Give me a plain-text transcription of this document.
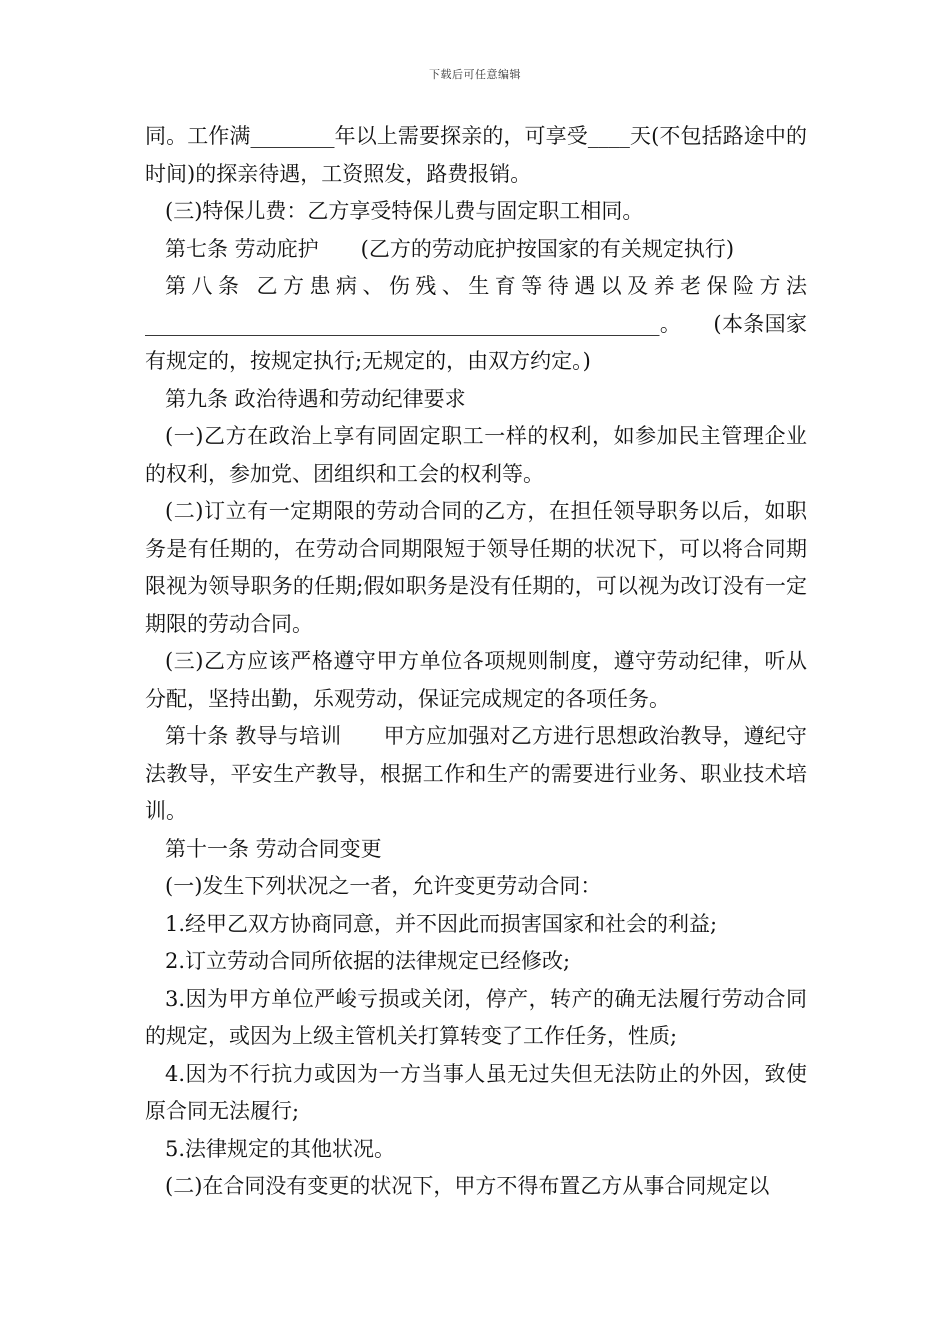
下载后可任意编辑

同。工作满________年以上需要探亲的，可享受____天(不包括路途中的时间)的探亲待遇，工资照发，路费报销。

(三)特保儿费：乙方享受特保儿费与固定职工相同。

第七条 劳动庇护　　(乙方的劳动庇护按国家的有关规定执行)

第八条 乙方患病、伤残、生育等待遇以及养老保险方法_________________________________________________。　　(本条国家有规定的，按规定执行;无规定的，由双方约定。)

第九条 政治待遇和劳动纪律要求

(一)乙方在政治上享有同固定职工一样的权利，如参加民主管理企业的权利，参加党、团组织和工会的权利等。

(二)订立有一定期限的劳动合同的乙方，在担任领导职务以后，如职务是有任期的，在劳动合同期限短于领导任期的状况下，可以将合同期限视为领导职务的任期;假如职务是没有任期的，可以视为改订没有一定期限的劳动合同。

(三)乙方应该严格遵守甲方单位各项规则制度，遵守劳动纪律，听从分配，坚持出勤，乐观劳动，保证完成规定的各项任务。

第十条 教导与培训　　甲方应加强对乙方进行思想政治教导，遵纪守法教导，平安生产教导，根据工作和生产的需要进行业务、职业技术培训。

第十一条 劳动合同变更

(一)发生下列状况之一者，允许变更劳动合同：

1.经甲乙双方协商同意，并不因此而损害国家和社会的利益;

2.订立劳动合同所依据的法律规定已经修改;

3.因为甲方单位严峻亏损或关闭，停产，转产的确无法履行劳动合同的规定，或因为上级主管机关打算转变了工作任务，性质;

4.因为不行抗力或因为一方当事人虽无过失但无法防止的外因，致使原合同无法履行;

5.法律规定的其他状况。

(二)在合同没有变更的状况下，甲方不得布置乙方从事合同规定以
